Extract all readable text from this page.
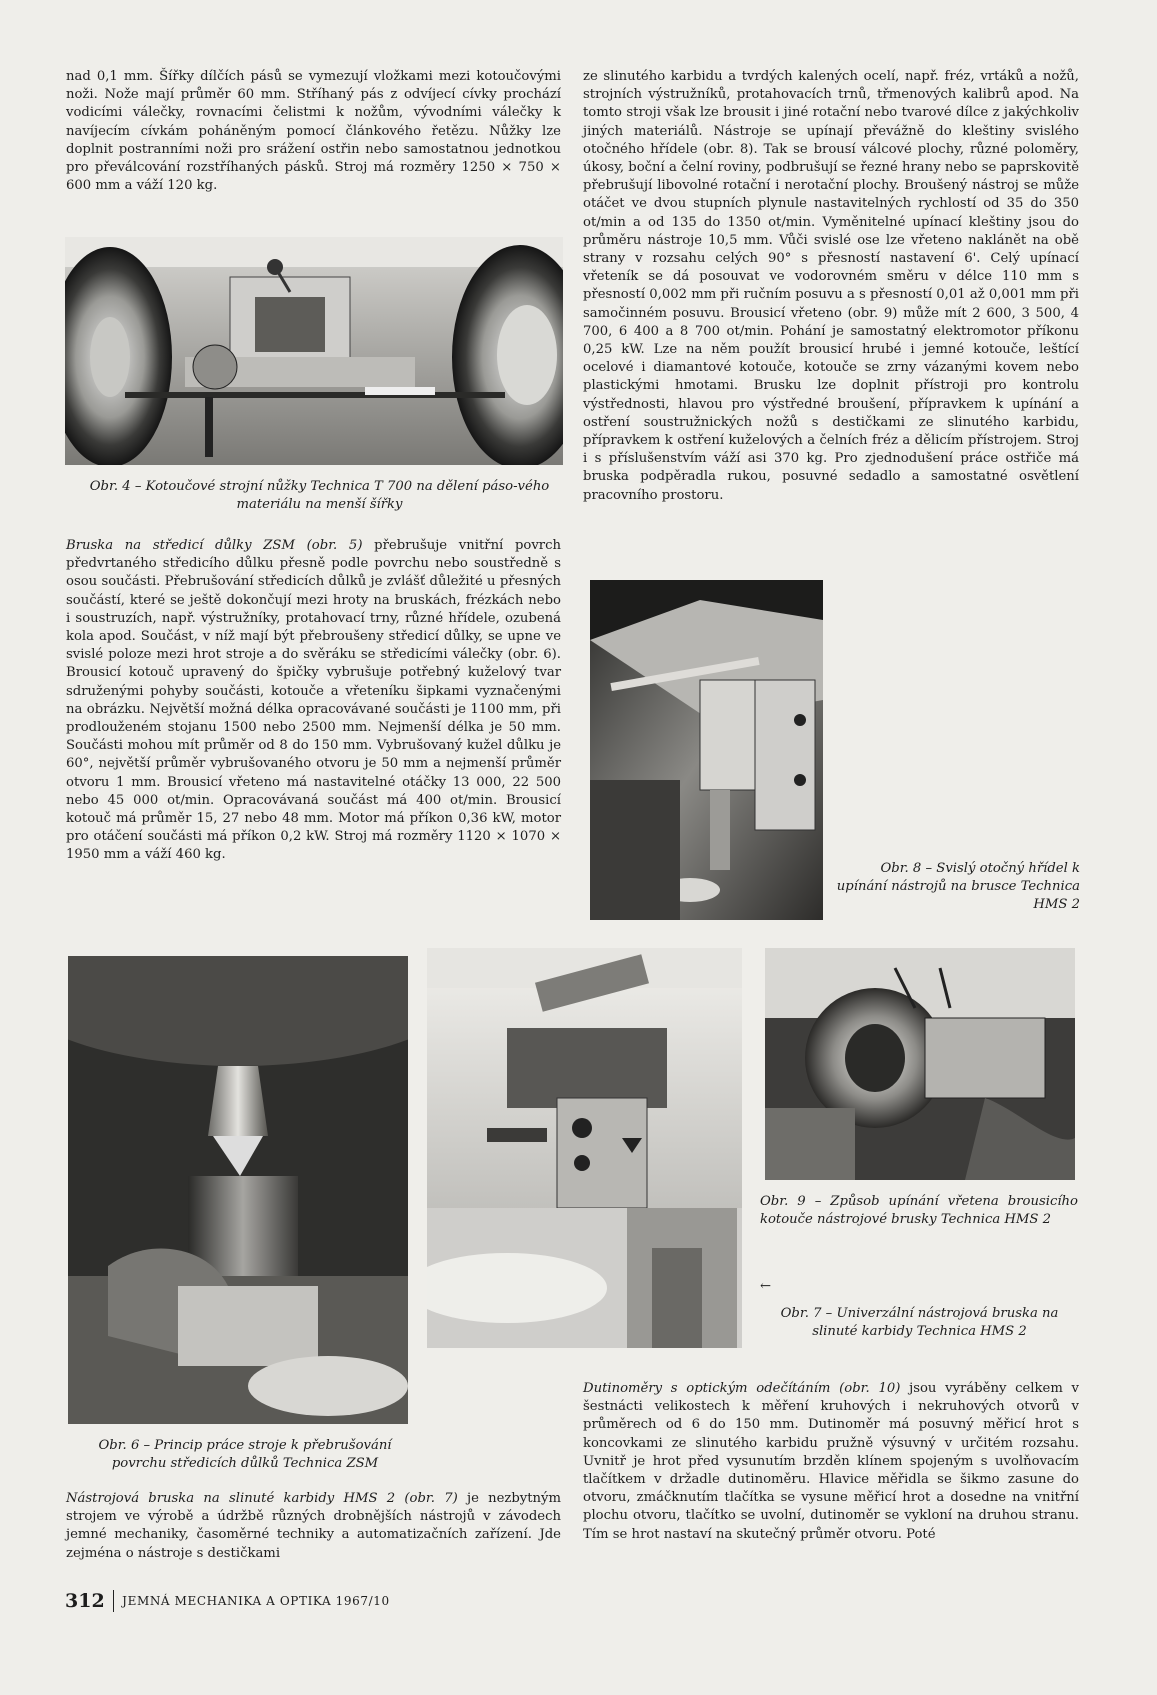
nad 0,1 mm. Šířky dílčích pásů se vymezují vložkami mezi kotoučovými noži. Nože mají průměr 60 mm. Stříhaný pás z odvíjecí cívky prochází vodicími válečky, rovnacími čelistmi k nožům, vývodními válečky k navíjecím cívkám poháněným pomocí článkového řetězu. Nůžky lze doplnit postranními noži pro srážení ostřin nebo samostatnou jednotkou pro převálcování rozstříhaných pásků. Stroj má rozměry 1250 × 750 × 600 mm a váží 120 kg.

Obr. 4 – Kotoučové strojní nůžky Technica T 700 na dělení páso-vého materiálu na menší šířky

Bruska na středicí důlky ZSM (obr. 5) přebrušuje vnitřní povrch předvrtaného středicího důlku přesně podle povrchu nebo soustředně s osou součásti. Přebrušování středicích důlků je zvlášť důležité u přesných součástí, které se ještě dokončují mezi hroty na bruskách, frézkách nebo i soustruzích, např. výstružníky, protahovací trny, různé hřídele, ozubená kola apod. Součást, v níž mají být přebroušeny středicí důlky, se upne ve svislé poloze mezi hrot stroje a do svěráku se středicími válečky (obr. 6). Brousicí kotouč upravený do špičky vybrušuje potřebný kuželový tvar sdruženými pohyby součásti, kotouče a vřeteníku šipkami vyznačenými na obrázku. Největší možná délka opracovávané součásti je 1100 mm, při prodlouženém stojanu 1500 nebo 2500 mm. Nejmenší délka je 50 mm. Součásti mohou mít průměr od 8 do 150 mm. Vybrušovaný kužel důlku je 60°, největší průměr vybrušovaného otvoru je 50 mm a nejmenší průměr otvoru 1 mm. Brousicí vřeteno má nastavitelné otáčky 13 000, 22 500 nebo 45 000 ot/min. Opracovávaná součást má 400 ot/min. Brousicí kotouč má průměr 15, 27 nebo 48 mm. Motor má příkon 0,36 kW, motor pro otáčení součásti má příkon 0,2 kW. Stroj má rozměry 1120 × 1070 × 1950 mm a váží 460 kg.

ze slinutého karbidu a tvrdých kalených ocelí, např. fréz, vrtáků a nožů, strojních výstružníků, protahovacích trnů, třmenových kalibrů apod. Na tomto stroji však lze brousit i jiné rotační nebo tvarové dílce z jakýchkoliv jiných materiálů. Nástroje se upínají převážně do kleštiny svislého otočného hřídele (obr. 8). Tak se brousí válcové plochy, různé poloměry, úkosy, boční a čelní roviny, podbrušují se řezné hrany nebo se paprskovitě přebrušují libovolné rotační i nerotační plochy. Broušený nástroj se může otáčet ve dvou stupních plynule nastavitelných rychlostí od 35 do 350 ot/min a od 135 do 1350 ot/min. Vyměnitelné upínací kleštiny jsou do průměru nástroje 10,5 mm. Vůči svislé ose lze vřeteno naklánět na obě strany v rozsahu celých 90° s přesností nastavení 6'. Celý upínací vřeteník se dá posouvat ve vodorovném směru v délce 110 mm s přesností 0,002 mm při ručním posuvu a s přesností 0,01 až 0,001 mm při samočinném posuvu. Brousicí vřeteno (obr. 9) může mít 2 600, 3 500, 4 700, 6 400 a 8 700 ot/min. Pohání je samostatný elektromotor příkonu 0,25 kW. Lze na něm použít brousicí hrubé i jemné kotouče, leštící ocelové i diamantové kotouče, kotouče se zrny vázanými kovem nebo plastickými hmotami. Brusku lze doplnit přístroji pro kontrolu výstřednosti, hlavou pro výstředné broušení, přípravkem k upínání a ostření soustružnických nožů s destičkami ze slinutého karbidu, přípravkem k ostření kuželových a čelních fréz a dělicím přístrojem. Stroj i s příslušenstvím váží asi 370 kg. Pro zjednodušení práce ostřiče má bruska podpěradla rukou, posuvné sedadlo a samostatné osvětlení pracovního prostoru.

Obr. 8 – Svislý otočný hřídel k upínání nástrojů na brusce Technica HMS 2

Obr. 6 – Princip práce stroje k přebrušování povrchu středicích důlků Technica ZSM

Nástrojová bruska na slinuté karbidy HMS 2 (obr. 7) je nezbytným strojem ve výrobě a údržbě různých drobnějších nástrojů v závodech jemné mechaniky, časoměrné techniky a automatizačních zařízení. Jde zejména o nástroje s destičkami

Obr. 9 – Způsob upínání vřetena brousicího kotouče nástrojové brusky Technica HMS 2

←

Obr. 7 – Univerzální nástrojová bruska na slinuté karbidy Technica HMS 2

Dutinoměry s optickým odečítáním (obr. 10) jsou vyráběny celkem v šestnácti velikostech k měření kruhových i nekruhových otvorů v průměrech od 6 do 150 mm. Dutinoměr má posuvný měřicí hrot s koncovkami ze slinutého karbidu pružně výsuvný v určitém rozsahu. Uvnitř je hrot před vysunutím brzděn klínem spojeným s uvolňovacím tlačítkem v držadle dutinoměru. Hlavice měřidla se šikmo zasune do otvoru, zmáčknutím tlačítka se vysune měřicí hrot a dosedne na vnitřní plochu otvoru, tlačítko se uvolní, dutinoměr se vykloní na druhou stranu. Tím se hrot nastaví na skutečný průměr otvoru. Poté

312 JEMNÁ MECHANIKA A OPTIKA 1967/10
